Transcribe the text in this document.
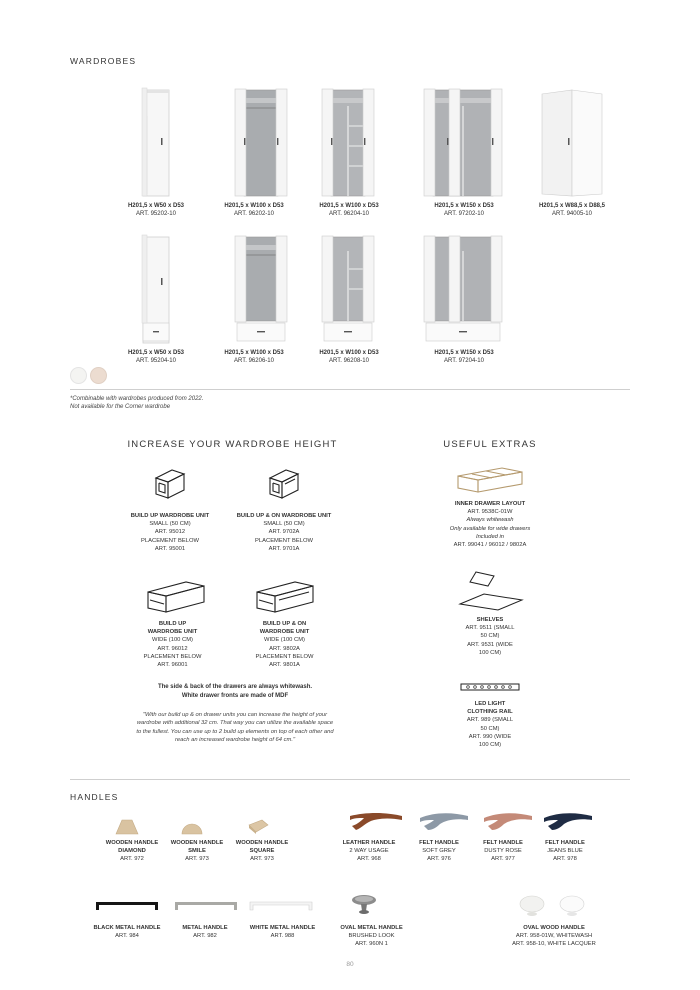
WARDROBES
H201,5 x W50 x D53
ART. 95202-10
H201,5 x W100 x D53
ART. 96202-10
H201,5 x W100 x D53
ART. 96204-10
H201,5 x W150 x D53
ART. 97202-10
H201,5 x W88,5 x D88,5
ART. 94005-10
H201,5 x W50 x D53
ART. 95204-10
H201,5 x W100 x D53
ART. 96206-10
H201,5 x W100 x D53
ART. 96208-10
H201,5 x W150 x D53
ART. 97204-10
*Combinable with wardrobes produced from 2022.
Not available for the Corner wardrobe
INCREASE YOUR WARDROBE HEIGHT
BUILD UP WARDROBE UNIT
SMALL (50 CM)
ART. 95012
PLACEMENT BELOW
ART. 95001
BUILD UP & ON WARDROBE UNIT
SMALL (50 CM)
ART. 9702A
PLACEMENT BELOW
ART. 9701A
BUILD UP
WARDROBE UNIT
WIDE (100 CM)
ART. 96012
PLACEMENT BELOW
ART. 96001
BUILD UP & ON
WARDROBE UNIT
WIDE (100 CM)
ART. 9802A
PLACEMENT BELOW
ART. 9801A
The side & back of the drawers are always whitewash.
White drawer fronts are made of MDF
"With our build up & on drawer units you can increase the height of your wardrobe with additional 32 cm. That way you can utilize the available space to the fullest. You can use up to 2 build up elements on top of each other and reach an increased wardrobe height of 64 cm."
USEFUL EXTRAS
INNER DRAWER LAYOUT
ART. 9538C-01W
Always whitewash
Only available for wide drawers
Included in
ART. 99041 / 96012 / 9802A
SHELVES
ART. 9511 (SMALL
50 CM)
ART. 9531 (WIDE
100 CM)
LED LIGHT
CLOTHING RAIL
ART. 989 (SMALL
50 CM)
ART. 990 (WIDE
100 CM)
HANDLES
WOODEN HANDLE
DIAMOND
ART. 972
WOODEN HANDLE
SMILE
ART. 973
WOODEN HANDLE
SQUARE
ART. 973
LEATHER HANDLE
2 WAY USAGE
ART. 968
FELT HANDLE
SOFT GREY
ART. 976
FELT HANDLE
DUSTY ROSE
ART. 977
FELT HANDLE
JEANS BLUE
ART. 978
BLACK METAL HANDLE
ART. 984
METAL HANDLE
ART. 982
WHITE METAL HANDLE
ART. 988
OVAL METAL HANDLE
BRUSHED LOOK
ART. 960N 1
OVAL WOOD HANDLE
ART. 958-01W, WHITEWASH
ART. 958-10, WHITE LACQUER
80
